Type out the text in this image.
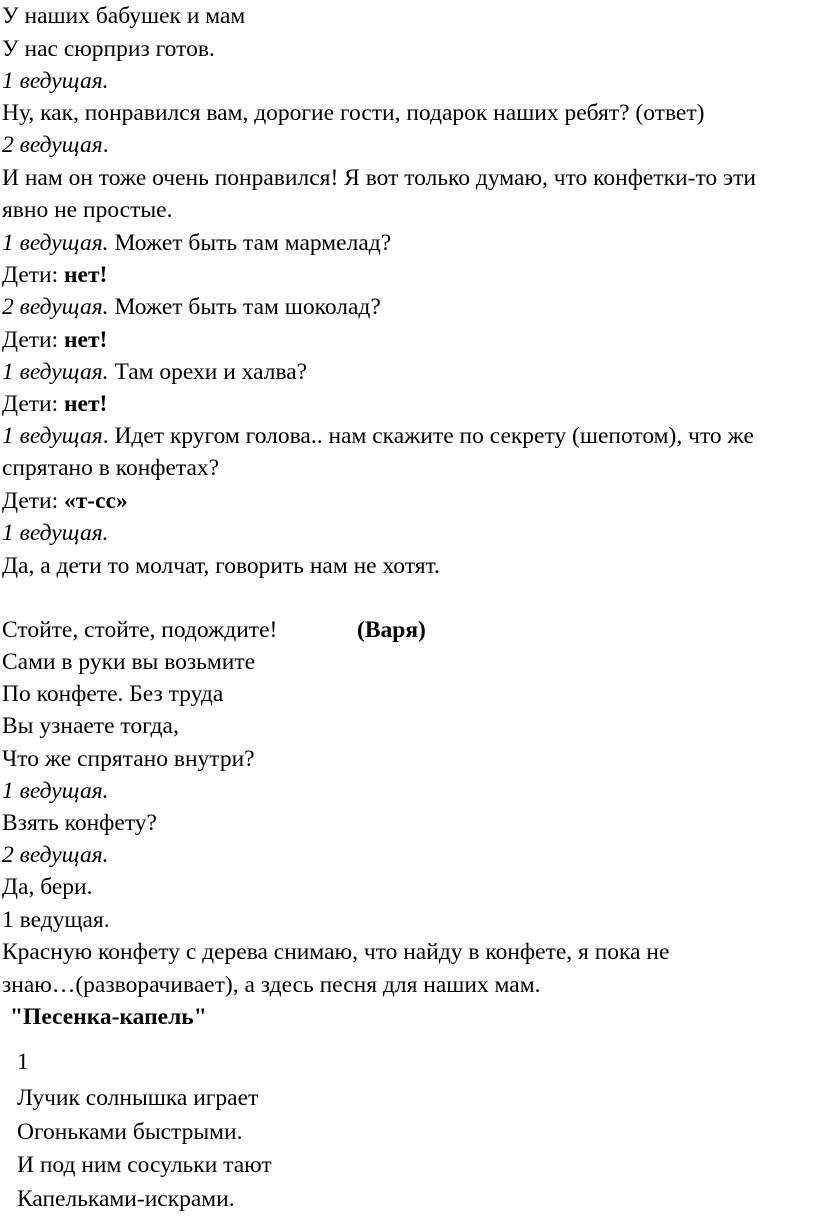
У наших бабушек и мам
У нас сюрприз готов.
1 ведущая.
Ну, как, понравился вам, дорогие гости, подарок наших ребят? (ответ)
2 ведущая.
И нам он тоже очень понравился! Я вот только думаю, что конфетки-то эти
явно не простые.
1 ведущая. Может быть там мармелад?
Дети: нет!
2 ведущая. Может быть там шоколад?
Дети: нет!
1 ведущая. Там орехи и халва?
Дети: нет!
1 ведущая. Идет кругом голова.. нам скажите по секрету (шепотом), что же
спрятано в конфетах?
Дети: «т-сс»
1 ведущая.
Да, а дети то молчат, говорить нам не хотят.
Стойте, стойте, подождите!	(Варя)
Сами в руки вы возьмите
По конфете. Без труда
Вы узнаете тогда,
Что же спрятано внутри?
1 ведущая.
Взять конфету?
2 ведущая.
Да, бери.
1 ведущая.
Красную конфету с дерева снимаю, что найду в конфете, я пока не
знаю…(разворачивает), а здесь песня для наших мам.
"Песенка-капель"
1
Лучик солнышка играет
Огоньками быстрыми.
И под ним сосульки тают
Капельками-искрами.
